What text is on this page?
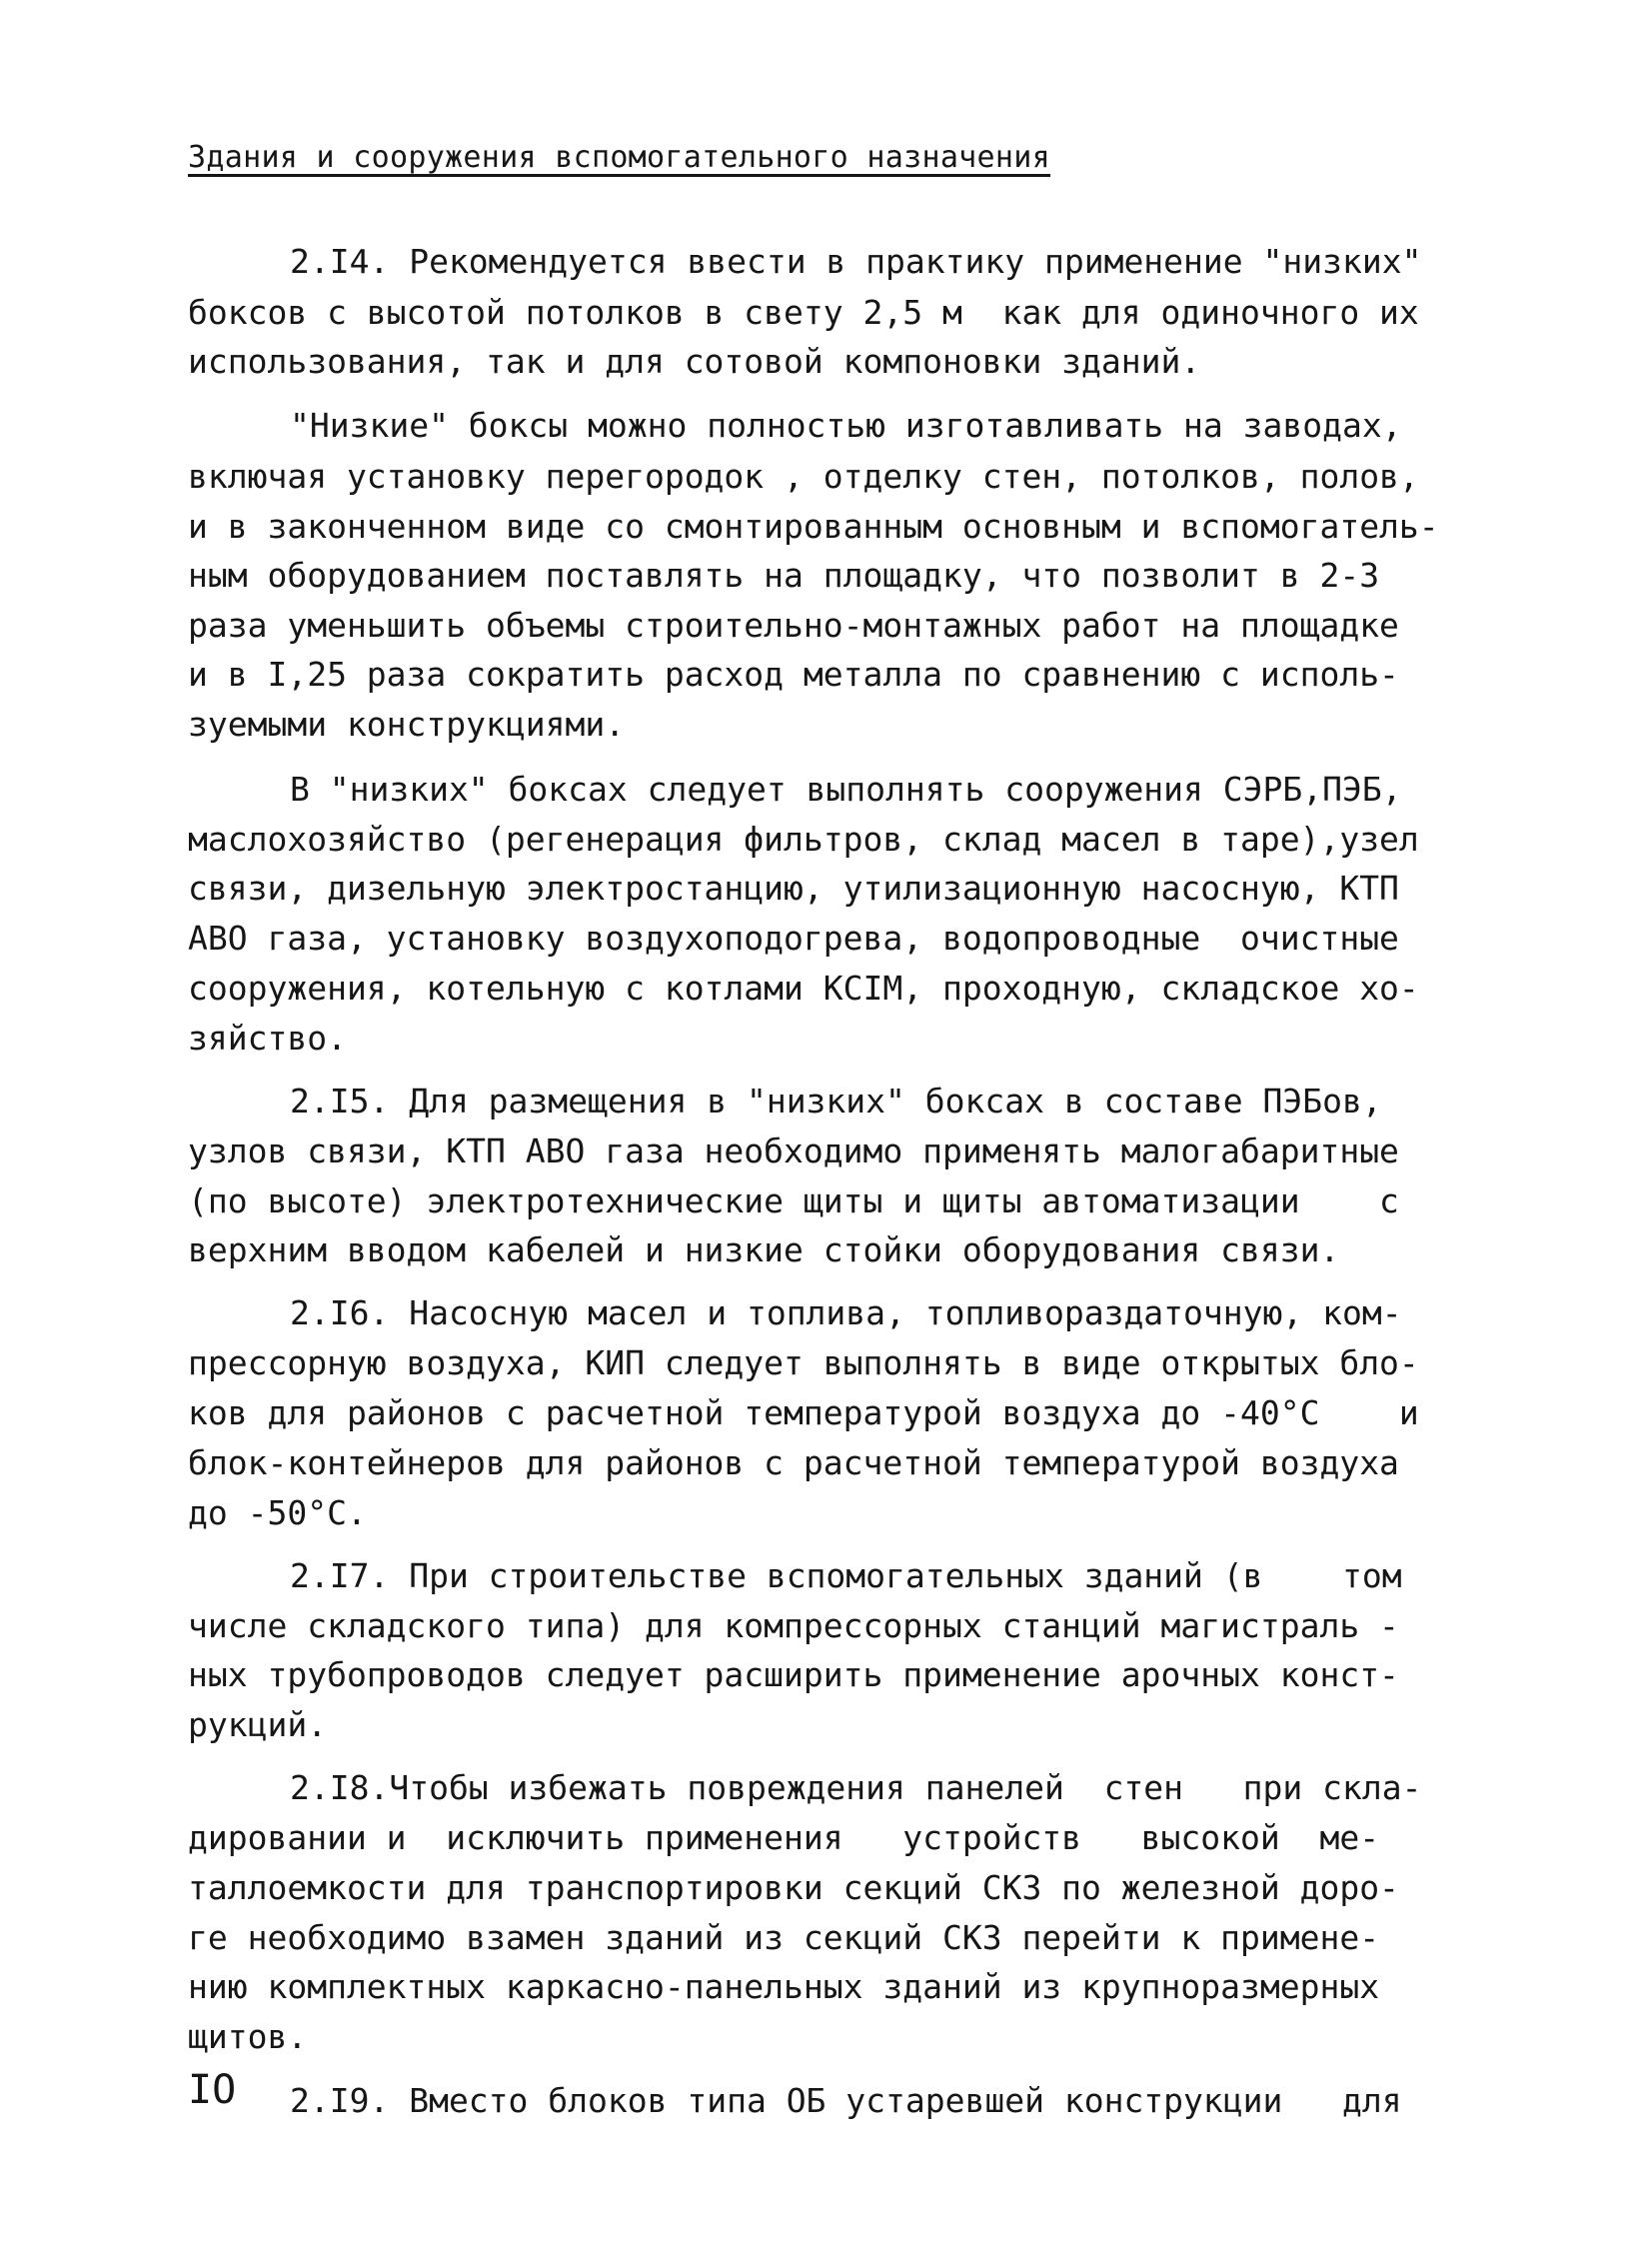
Здания и сооружения вспомогательного назначения
2.I4. Рекомендуется ввести в практику применение "низких"
боксов с высотой потолков в свету 2,5 м  как для одиночного их
использования, так и для сотовой компоновки зданий.
"Низкие" боксы можно полностью изготавливать на заводах,
включая установку перегородок , отделку стен, потолков, полов,
и в законченном виде со смонтированным основным и вспомогатель-
ным оборудованием поставлять на площадку, что позволит в 2-3
раза уменьшить объемы строительно-монтажных работ на площадке
и в I,25 раза сократить расход металла по сравнению с исполь-
зуемыми конструкциями.
В "низких" боксах следует выполнять сооружения СЭРБ,ПЭБ,
маслохозяйство (регенерация фильтров, склад масел в таре),узел
связи, дизельную электростанцию, утилизационную насосную, КТП
АВО газа, установку воздухоподогрева, водопроводные  очистные
сооружения, котельную с котлами КСIМ, проходную, складское хо-
зяйство.
2.I5. Для размещения в "низких" боксах в составе ПЭБов,
узлов связи, КТП АВО газа необходимо применять малогабаритные
(по высоте) электротехнические щиты и щиты автоматизации    с
верхним вводом кабелей и низкие стойки оборудования связи.
2.I6. Насосную масел и топлива, топливораздаточную, ком-
прессорную воздуха, КИП следует выполнять в виде открытых бло-
ков для районов с расчетной температурой воздуха до -40°С    и
блок-контейнеров для районов с расчетной температурой воздуха
до -50°С.
2.I7. При строительстве вспомогательных зданий (в    том
числе складского типа) для компрессорных станций магистраль -
ных трубопроводов следует расширить применение арочных конст-
рукций.
2.I8.Чтобы избежать повреждения панелей  стен   при скла-
дировании и  исключить применения   устройств   высокой  ме-
таллоемкости для транспортировки секций СКЗ по железной доро-
ге необходимо взамен зданий из секций СКЗ перейти к примене-
нию комплектных каркасно-панельных зданий из крупноразмерных
щитов.
2.I9. Вместо блоков типа ОБ устаревшей конструкции   для
IO
